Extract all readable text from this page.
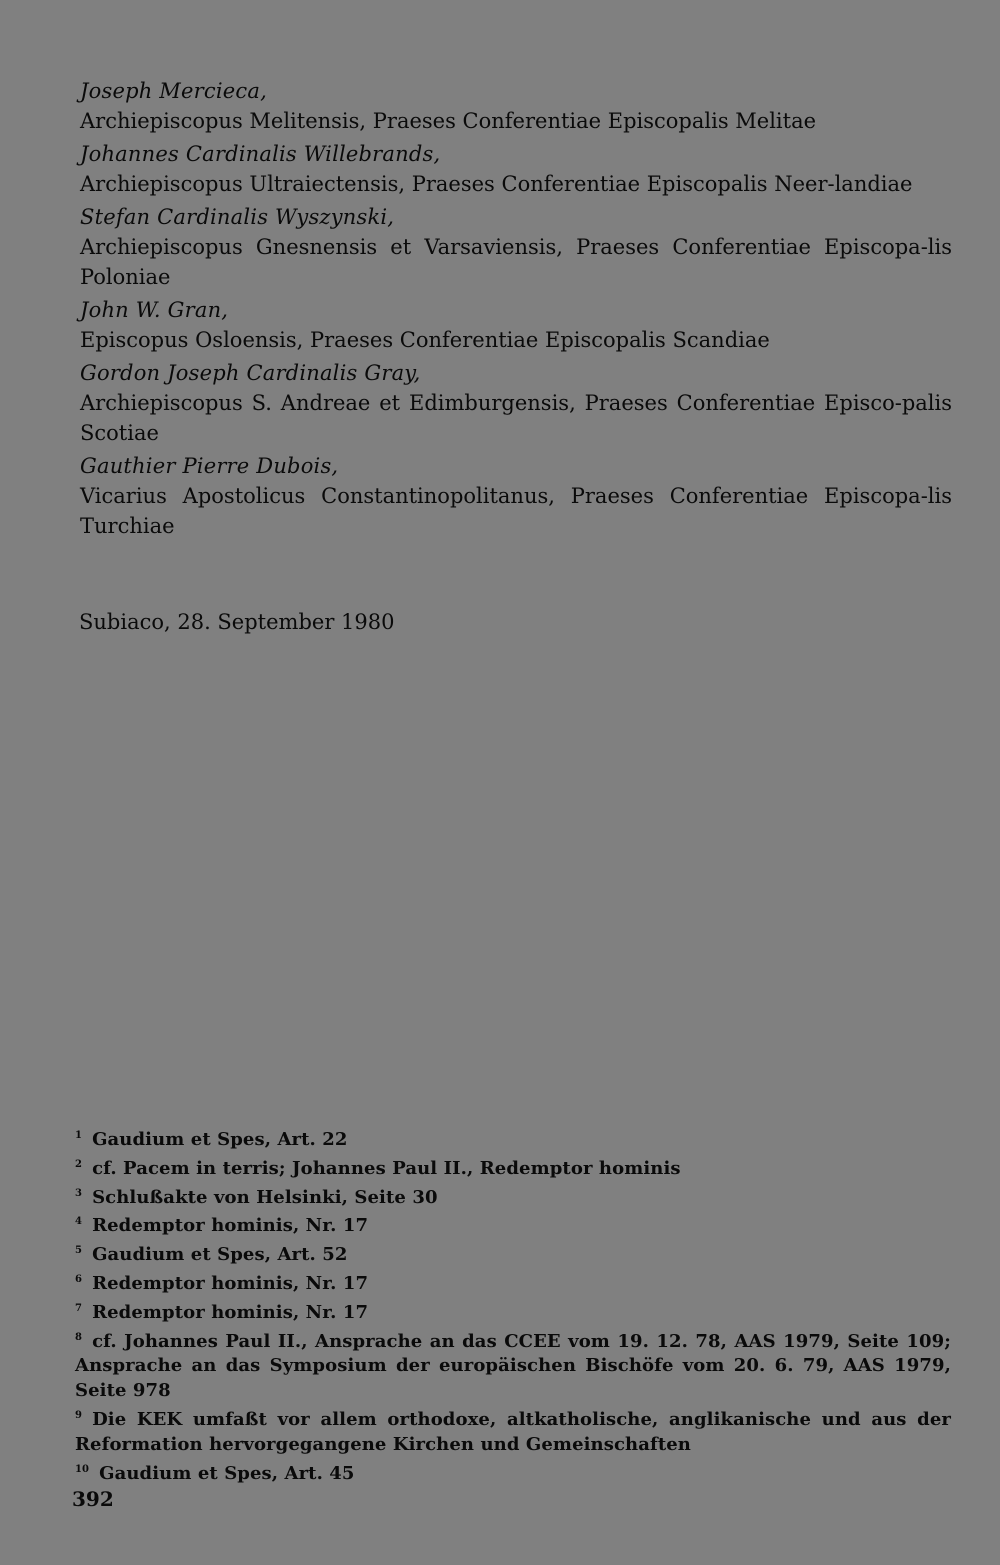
Joseph Mercieca,
Archiepiscopus Melitensis, Praeses Conferentiae Episcopalis Melitae
Johannes Cardinalis Willebrands,
Archiepiscopus Ultraiectensis, Praeses Conferentiae Episcopalis Neer-landiae
Stefan Cardinalis Wyszynski,
Archiepiscopus Gnesnensis et Varsaviensis, Praeses Conferentiae Episcopa-lis Poloniae
John W. Gran,
Episcopus Osloensis, Praeses Conferentiae Episcopalis Scandiae
Gordon Joseph Cardinalis Gray,
Archiepiscopus S. Andreae et Edimburgensis, Praeses Conferentiae Episco-palis Scotiae
Gauthier Pierre Dubois,
Vicarius Apostolicus Constantinopolitanus, Praeses Conferentiae Episcopa-lis Turchiae
Subiaco, 28. September 1980

1 Gaudium et Spes, Art. 22

2 cf. Pacem in terris; Johannes Paul II., Redemptor hominis

3 Schlußakte von Helsinki, Seite 30

4 Redemptor hominis, Nr. 17

5 Gaudium et Spes, Art. 52

6 Redemptor hominis, Nr. 17

7 Redemptor hominis, Nr. 17

8 cf. Johannes Paul II., Ansprache an das CCEE vom 19. 12. 78, AAS 1979, Seite 109; Ansprache an das Symposium der europäischen Bischöfe vom 20. 6. 79, AAS 1979, Seite 978

9 Die KEK umfaßt vor allem orthodoxe, altkatholische, anglikanische und aus der Reformation hervorgegangene Kirchen und Gemeinschaften

10 Gaudium et Spes, Art. 45

392
